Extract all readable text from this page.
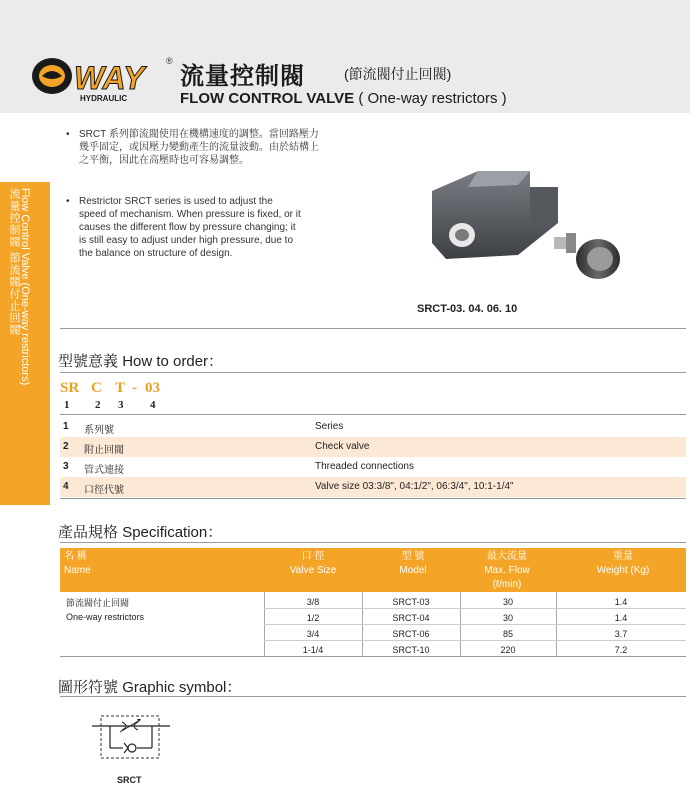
WAY
HYDRAULIC
®
流量控制閥	(節流閥付止回閥)
FLOW CONTROL VALVE ( One-way restrictors )
流量控制閥 節流閥付止回閥 Flow Control Valve (One-way restrictors)
• SRCT 系列節流閥使用在機構速度的調整。當回路壓力
幾乎固定，或因壓力變動產生的流量波動。由於結構上
之平衡，因此在高壓時也可容易調整。
• Restrictor SRCT series is used to adjust the
speed of mechanism. When pressure is fixed, or it
causes the different flow by pressure changing; it
is still easy to adjust under high pressure, due to
the balance on structure of design.
SRCT-03. 04. 06. 10
型號意義 How to order：
SR C T - 03
1 2 3 4
1 系列號	Series
2 附止回閥	Check valve
3 管式連接	Threaded connections
4 口徑代號	Valve size 03:3/8", 04:1/2", 06:3/4", 10:1-1/4"
產品規格 Specification：
名 稱
Name
口 徑
Valve Size
型 號
Model
最大流量
Max. Flow
(ℓ/min)
重量
Weight (Kg)
節流閥付止回閥
One-way restrictors
3/8	SRCT-03	30	1.4
1/2	SRCT-04	30	1.4
3/4	SRCT-06	85	3.7
1-1/4	SRCT-10	220	7.2
圖形符號 Graphic symbol：
SRCT
